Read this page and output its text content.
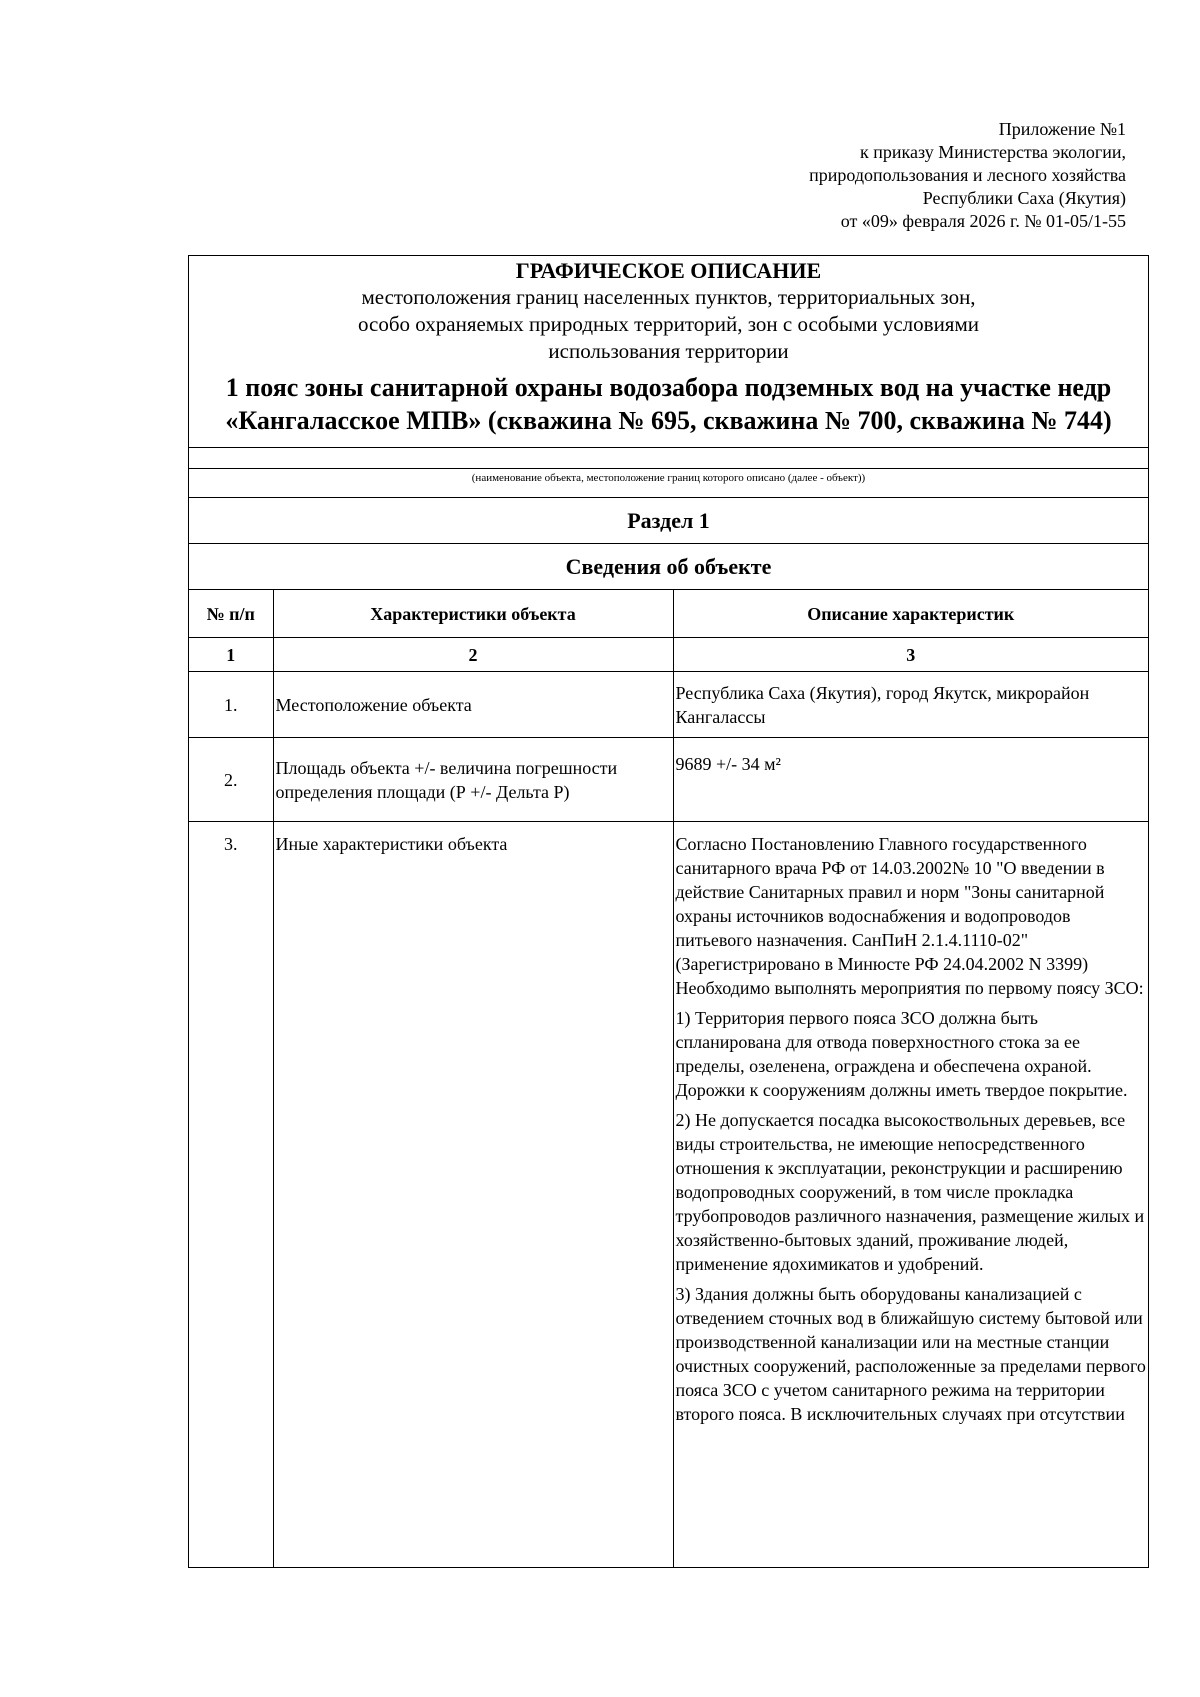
Приложение №1
к приказу Министерства экологии,
природопользования и лесного хозяйства
Республики Саха (Якутия)
от «09» февраля 2026 г. № 01-05/1-55
ГРАФИЧЕСКОЕ ОПИСАНИЕ
местоположения границ населенных пунктов, территориальных зон,
особо охраняемых природных территорий, зон с особыми условиями
использования территории
1 пояс зоны санитарной охраны водозабора подземных вод на участке недр
«Кангаласское МПВ» (скважина № 695, скважина № 700, скважина № 744)
(наименование объекта, местоположение границ которого описано (далее - объект))
Раздел 1
Сведения об объекте
№ п/п	Характеристики объекта	Описание характеристик
1	2	3
1.	Местоположение объекта	Республика Саха (Якутия), город Якутск, микрорайон Кангаласcы
2.	Площадь объекта +/- величина погрешности определения площади (Р +/- Дельта Р)	9689 +/- 34 м²
3.	Иные характеристики объекта	Согласно Постановлению Главного государственного санитарного врача РФ от 14.03.2002№ 10 "О введении в действие Санитарных правил и норм "Зоны санитарной охраны источников водоснабжения и водопроводов питьевого назначения. СанПиН 2.1.4.1110-02" (Зарегистрировано в Минюсте РФ 24.04.2002 N 3399) Необходимо выполнять мероприятия по первому поясу ЗСО:

1) Территория первого пояса ЗСО должна быть спланирована для отвода поверхностного стока за ее пределы, озеленена, ограждена и обеспечена охраной. Дорожки к сооружениям должны иметь твердое покрытие.

2) Не допускается посадка высокоствольных деревьев, все виды строительства, не имеющие непосредственного отношения к эксплуатации, реконструкции и расширению водопроводных сооружений, в том числе прокладка трубопроводов различного назначения, размещение жилых и хозяйственно-бытовых зданий, проживание людей, применение ядохимикатов и удобрений.

3) Здания должны быть оборудованы канализацией с отведением сточных вод в ближайшую систему бытовой или производственной канализации или на местные станции очистных сооружений, расположенные за пределами первого пояса ЗСО с учетом санитарного режима на территории второго пояса. В исключительных случаях при отсутствии
